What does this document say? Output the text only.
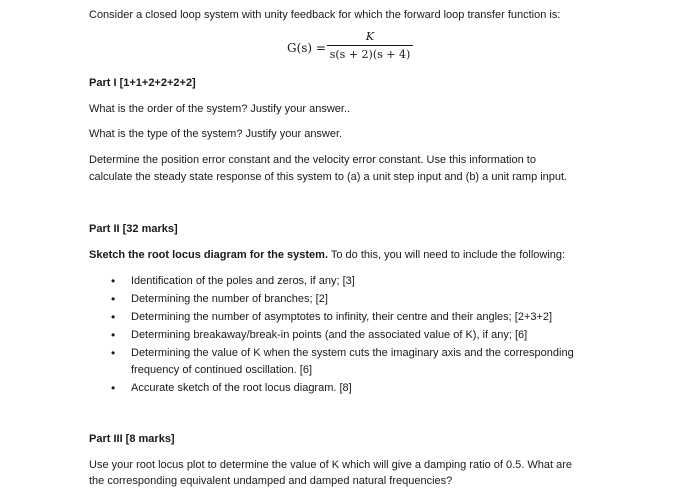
Consider a closed loop system with unity feedback for which the forward loop transfer function is:
G(s) =
K
s(s + 2)(s + 4)
Part I [1+1+2+2+2+2]
What is the order of the system? Justify your answer..
What is the type of the system? Justify your answer.
Determine the position error constant and the velocity error constant. Use this information to
calculate the steady state response of this system to (a) a unit step input and (b) a unit ramp input.
Part II [32 marks]
Sketch the root locus diagram for the system. To do this, you will need to include the following:
• Identification of the poles and zeros, if any; [3]
• Determining the number of branches; [2]
• Determining the number of asymptotes to infinity, their centre and their angles; [2+3+2]
• Determining breakaway/break-in points (and the associated value of K), if any; [6]
• Determining the value of K when the system cuts the imaginary axis and the corresponding
frequency of continued oscillation. [6]
• Accurate sketch of the root locus diagram. [8]
Part III [8 marks]
Use your root locus plot to determine the value of K which will give a damping ratio of 0.5. What are
the corresponding equivalent undamped and damped natural frequencies?
